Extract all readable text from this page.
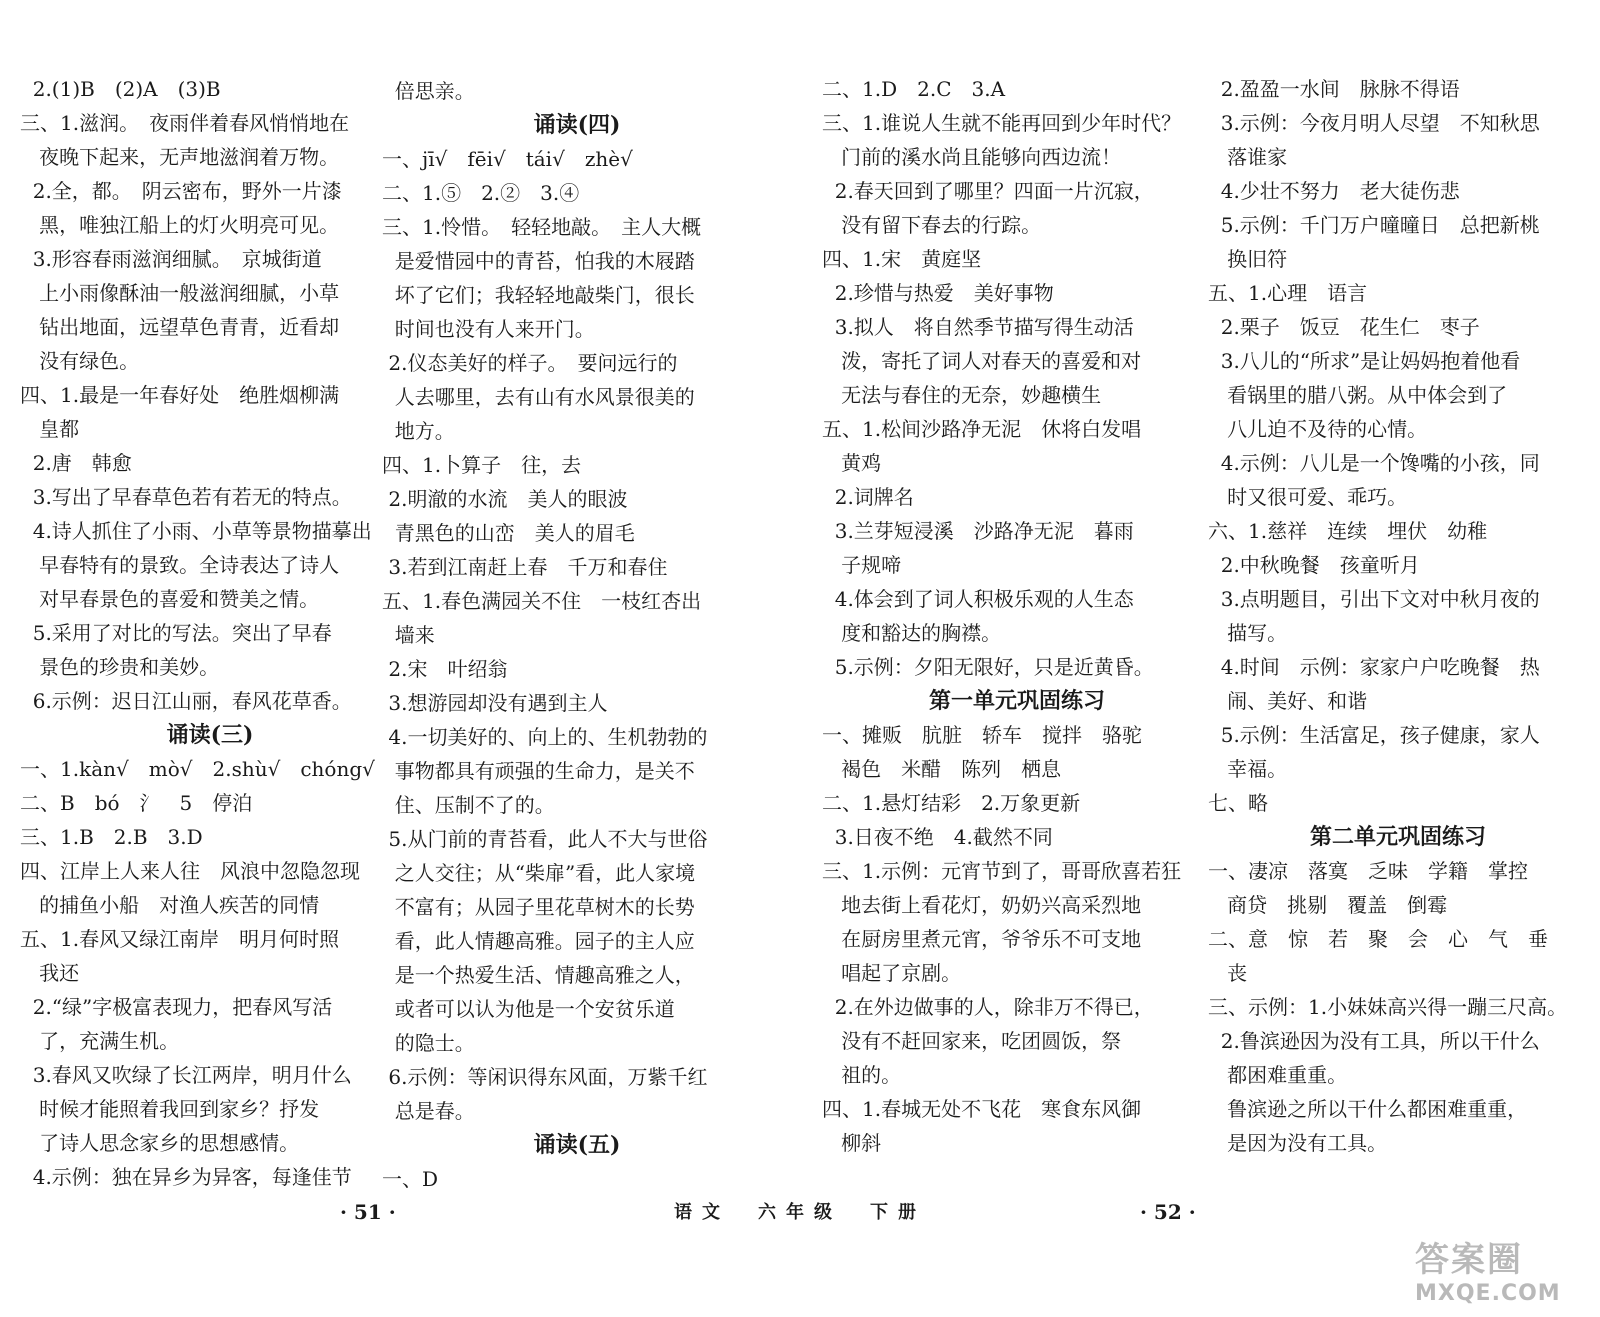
2.(1)B　(2)A　(3)B
三、1.滋润。　夜雨伴着春风悄悄地在
夜晚下起来，无声地滋润着万物。
2.全，都。　阴云密布，野外一片漆
黑，唯独江船上的灯火明亮可见。
3.形容春雨滋润细腻。　京城街道
上小雨像酥油一般滋润细腻，小草
钻出地面，远望草色青青，近看却
没有绿色。
四、1.最是一年春好处　绝胜烟柳满
皇都
2.唐　韩愈
3.写出了早春草色若有若无的特点。
4.诗人抓住了小雨、小草等景物描摹出
早春特有的景致。全诗表达了诗人
对早春景色的喜爱和赞美之情。
5.采用了对比的写法。突出了早春
景色的珍贵和美妙。
6.示例：迟日江山丽，春风花草香。
诵读(三)
一、1.kàn√　mò√　2.shù√　chóng√
二、B　bó　氵　5　停泊
三、1.B　2.B　3.D
四、江岸上人来人往　风浪中忽隐忽现
的捕鱼小船　对渔人疾苦的同情
五、1.春风又绿江南岸　明月何时照
我还
2.“绿”字极富表现力，把春风写活
了，充满生机。
3.春风又吹绿了长江两岸，明月什么
时候才能照着我回到家乡？抒发
了诗人思念家乡的思想感情。
4.示例：独在异乡为异客，每逢佳节
倍思亲。
诵读(四)
一、jī√　fēi√　tái√　zhè√
二、1.⑤　2.②　3.④
三、1.怜惜。　轻轻地敲。　主人大概
是爱惜园中的青苔，怕我的木屐踏
坏了它们；我轻轻地敲柴门，很长
时间也没有人来开门。
2.仪态美好的样子。　要问远行的
人去哪里，去有山有水风景很美的
地方。
四、1.卜算子　往，去
2.明澈的水流　美人的眼波
青黑色的山峦　美人的眉毛
3.若到江南赶上春　千万和春住
五、1.春色满园关不住　一枝红杏出
墙来
2.宋　叶绍翁
3.想游园却没有遇到主人
4.一切美好的、向上的、生机勃勃的
事物都具有顽强的生命力，是关不
住、压制不了的。
5.从门前的青苔看，此人不大与世俗
之人交往；从“柴扉”看，此人家境
不富有；从园子里花草树木的长势
看，此人情趣高雅。园子的主人应
是一个热爱生活、情趣高雅之人，
或者可以认为他是一个安贫乐道
的隐士。
6.示例：等闲识得东风面，万紫千红
总是春。
诵读(五)
一、D
二、1.D　2.C　3.A
三、1.谁说人生就不能再回到少年时代？
门前的溪水尚且能够向西边流！
2.春天回到了哪里？四面一片沉寂，
没有留下春去的行踪。
四、1.宋　黄庭坚
2.珍惜与热爱　美好事物
3.拟人　将自然季节描写得生动活
泼，寄托了词人对春天的喜爱和对
无法与春住的无奈，妙趣横生
五、1.松间沙路净无泥　休将白发唱
黄鸡
2.词牌名
3.兰芽短浸溪　沙路净无泥　暮雨
子规啼
4.体会到了词人积极乐观的人生态
度和豁达的胸襟。
5.示例：夕阳无限好，只是近黄昏。
第一单元巩固练习
一、摊贩　肮脏　轿车　搅拌　骆驼
褐色　米醋　陈列　栖息
二、1.悬灯结彩　2.万象更新
3.日夜不绝　4.截然不同
三、1.示例：元宵节到了，哥哥欣喜若狂
地去街上看花灯，奶奶兴高采烈地
在厨房里煮元宵，爷爷乐不可支地
唱起了京剧。
2.在外边做事的人，除非万不得已，
没有不赶回家来，吃团圆饭，祭
祖的。
四、1.春城无处不飞花　寒食东风御
柳斜
2.盈盈一水间　脉脉不得语
3.示例：今夜月明人尽望　不知秋思
落谁家
4.少壮不努力　老大徒伤悲
5.示例：千门万户曈曈日　总把新桃
换旧符
五、1.心理　语言
2.栗子　饭豆　花生仁　枣子
3.八儿的“所求”是让妈妈抱着他看
看锅里的腊八粥。从中体会到了
八儿迫不及待的心情。
4.示例：八儿是一个馋嘴的小孩，同
时又很可爱、乖巧。
六、1.慈祥　连续　埋伏　幼稚
2.中秋晚餐　孩童听月
3.点明题目，引出下文对中秋月夜的
描写。
4.时间　示例：家家户户吃晚餐　热
闹、美好、和谐
5.示例：生活富足，孩子健康，家人
幸福。
七、略
第二单元巩固练习
一、凄凉　落寞　乏味　学籍　掌控
商贷　挑剔　覆盖　倒霉
二、意　惊　若　聚　会　心　气　垂
丧
三、示例：1.小妹妹高兴得一蹦三尺高。
2.鲁滨逊因为没有工具，所以干什么
都困难重重。
鲁滨逊之所以干什么都困难重重，
是因为没有工具。
· 51 ·	语文　六年级　下册	· 52 ·
答案圈
MXQE.COM
